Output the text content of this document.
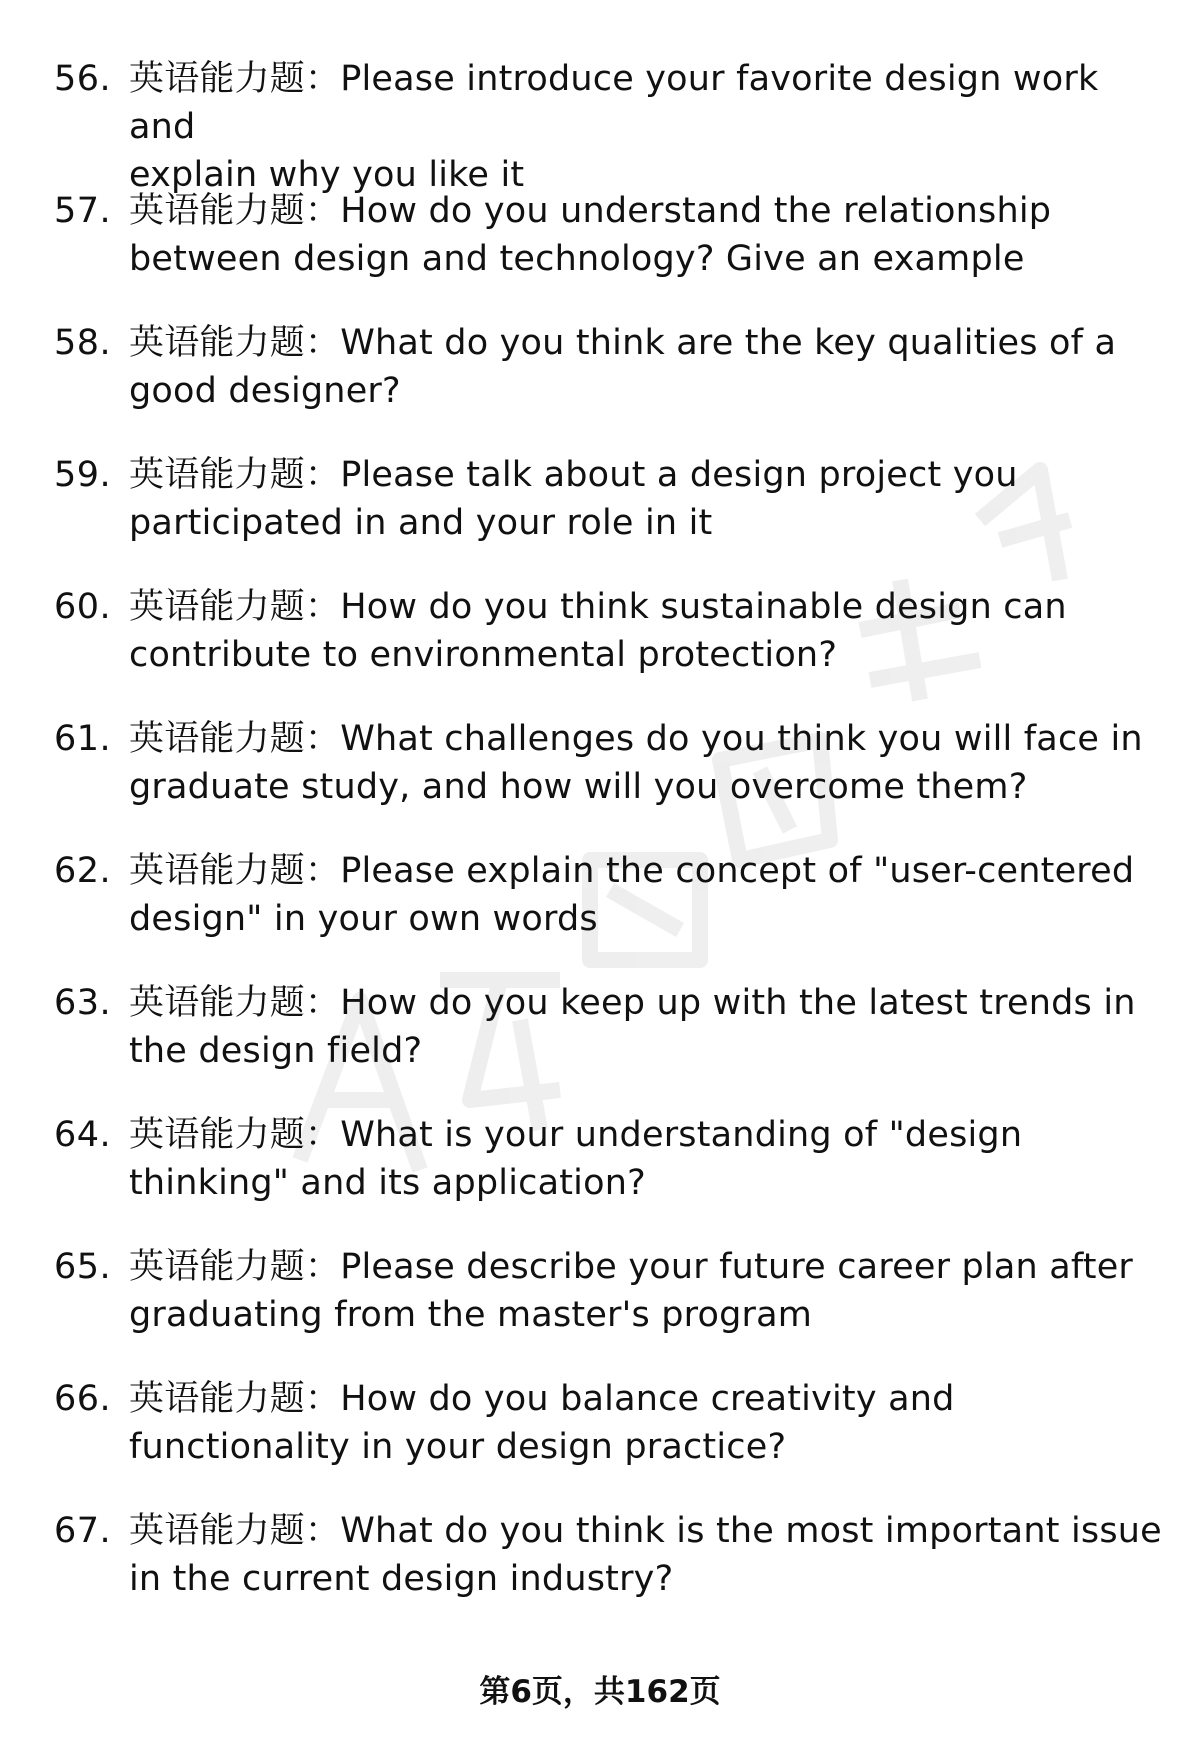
56. 英语能力题：Please introduce your favorite design work and
explain why you like it
57. 英语能力题：How do you understand the relationship
between design and technology? Give an example
58. 英语能力题：What do you think are the key qualities of a
good designer?
59. 英语能力题：Please talk about a design project you
participated in and your role in it
60. 英语能力题：How do you think sustainable design can
contribute to environmental protection?
61. 英语能力题：What challenges do you think you will face in
graduate study, and how will you overcome them?
62. 英语能力题：Please explain the concept of "user-centered
design" in your own words
63. 英语能力题：How do you keep up with the latest trends in
the design field?
64. 英语能力题：What is your understanding of "design
thinking" and its application?
65. 英语能力题：Please describe your future career plan after
graduating from the master's program
66. 英语能力题：How do you balance creativity and
functionality in your design practice?
67. 英语能力题：What do you think is the most important issue
in the current design industry?
第6页，共162页
